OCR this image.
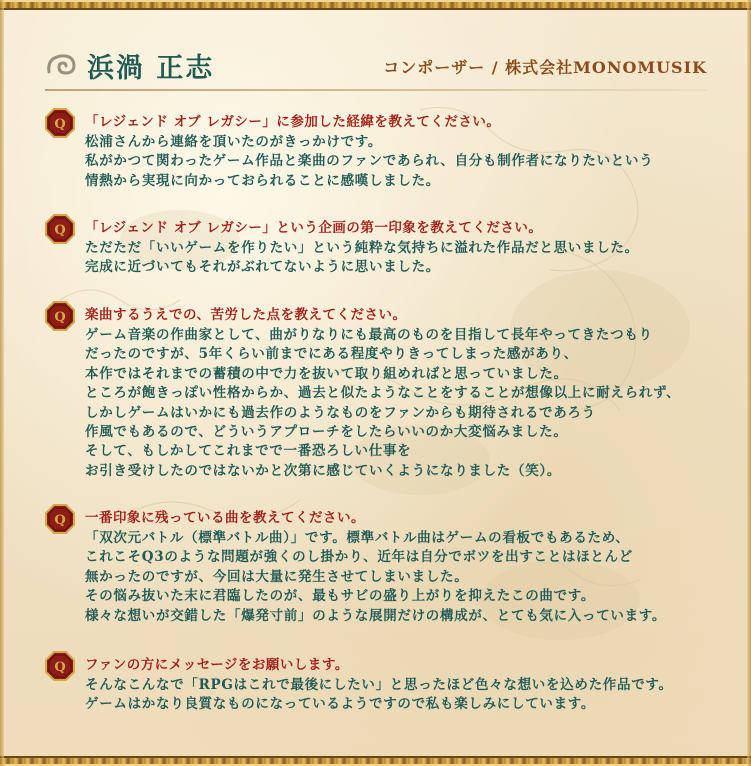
浜渦 正志	コンポーザー / 株式会社MONOMUSIK
Q 「レジェンド オブ レガシー」に参加した経緯を教えてください。
松浦さんから連絡を頂いたのがきっかけです。
私がかつて関わったゲーム作品と楽曲のファンであられ、自分も制作者になりたいという
情熱から実現に向かっておられることに感嘆しました。
Q 「レジェンド オブ レガシー」という企画の第一印象を教えてください。
ただただ「いいゲームを作りたい」という純粋な気持ちに溢れた作品だと思いました。
完成に近づいてもそれがぶれてないように思いました。
Q 楽曲するうえでの、苦労した点を教えてください。
ゲーム音楽の作曲家として、曲がりなりにも最高のものを目指して長年やってきたつもり
だったのですが、5年くらい前までにある程度やりきってしまった感があり、
本作ではそれまでの蓄積の中で力を抜いて取り組めればと思っていました。
ところが飽きっぽい性格からか、過去と似たようなことをすることが想像以上に耐えられず、
しかしゲームはいかにも過去作のようなものをファンからも期待されるであろう
作風でもあるので、どういうアプローチをしたらいいのか大変悩みました。
そして、もしかしてこれまでで一番恐ろしい仕事を
お引き受けしたのではないかと次第に感じていくようになりました（笑）。
Q 一番印象に残っている曲を教えてください。
「双次元バトル（標準バトル曲）」です。標準バトル曲はゲームの看板でもあるため、
これこそQ3のような問題が強くのし掛かり、近年は自分でボツを出すことはほとんど
無かったのですが、今回は大量に発生させてしまいました。
その悩み抜いた末に君臨したのが、最もサビの盛り上がりを抑えたこの曲です。
様々な想いが交錯した「爆発寸前」のような展開だけの構成が、とても気に入っています。
Q ファンの方にメッセージをお願いします。
そんなこんなで「RPGはこれで最後にしたい」と思ったほど色々な想いを込めた作品です。
ゲームはかなり良質なものになっているようですので私も楽しみにしています。
